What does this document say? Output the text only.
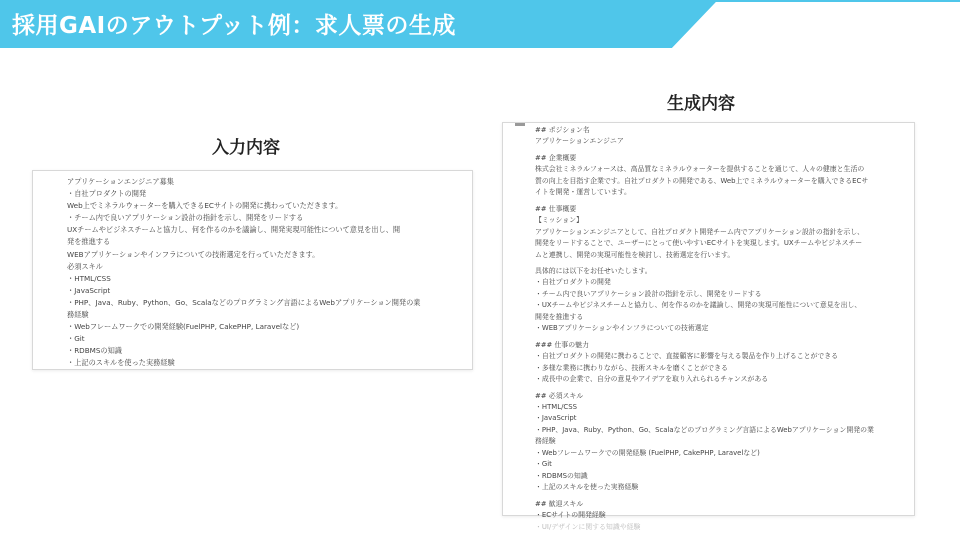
採用GAIのアウトプット例：求人票の生成
入力内容
生成内容
アプリケーションエンジニア募集
・自社プロダクトの開発
Web上でミネラルウォーターを購入できるECサイトの開発に携わっていただきます。
・チーム内で良いアプリケーション設計の指針を示し、開発をリードする
UXチームやビジネスチームと協力し、何を作るのかを議論し、開発実現可能性について意見を出し、開
発を推進する
WEBアプリケーションやインフラについての技術選定を行っていただきます。
必須スキル
・HTML/CSS
・JavaScript
・PHP、Java、Ruby、Python、Go、Scalaなどのプログラミング言語によるWebアプリケーション開発の業
務経験
・Webフレームワークでの開発経験(FuelPHP, CakePHP, Laravelなど)
・Git
・RDBMSの知識
・上記のスキルを使った実務経験
## ポジション名
アプリケーションエンジニア
## 企業概要
株式会社ミネラルフォースは、高品質なミネラルウォーターを提供することを通じて、人々の健康と生活の
質の向上を目指す企業です。自社プロダクトの開発である、Web上でミネラルウォーターを購入できるECサ
イトを開発・運営しています。
## 仕事概要
【ミッション】
アプリケーションエンジニアとして、自社プロダクト開発チーム内でアプリケーション設計の指針を示し、
開発をリードすることで、ユーザーにとって使いやすいECサイトを実現します。UXチームやビジネスチー
ムと連携し、開発の実現可能性を検討し、技術選定を行います。
具体的には以下をお任せいたします。
・自社プロダクトの開発
・チーム内で良いアプリケーション設計の指針を示し、開発をリードする
・UXチームやビジネスチームと協力し、何を作るのかを議論し、開発の実現可能性について意見を出し、
開発を推進する
・WEBアプリケーションやインフラについての技術選定
### 仕事の魅力
・自社プロダクトの開発に携わることで、直接顧客に影響を与える製品を作り上げることができる
・多様な業務に携わりながら、技術スキルを磨くことができる
・成長中の企業で、自分の意見やアイデアを取り入れられるチャンスがある
## 必須スキル
・HTML/CSS
・JavaScript
・PHP、Java、Ruby、Python、Go、Scalaなどのプログラミング言語によるWebアプリケーション開発の業
務経験
・Webフレームワークでの開発経験 (FuelPHP, CakePHP, Laravelなど)
・Git
・RDBMSの知識
・上記のスキルを使った実務経験
## 歓迎スキル
・ECサイトの開発経験
・UI/デザインに関する知識や経験
